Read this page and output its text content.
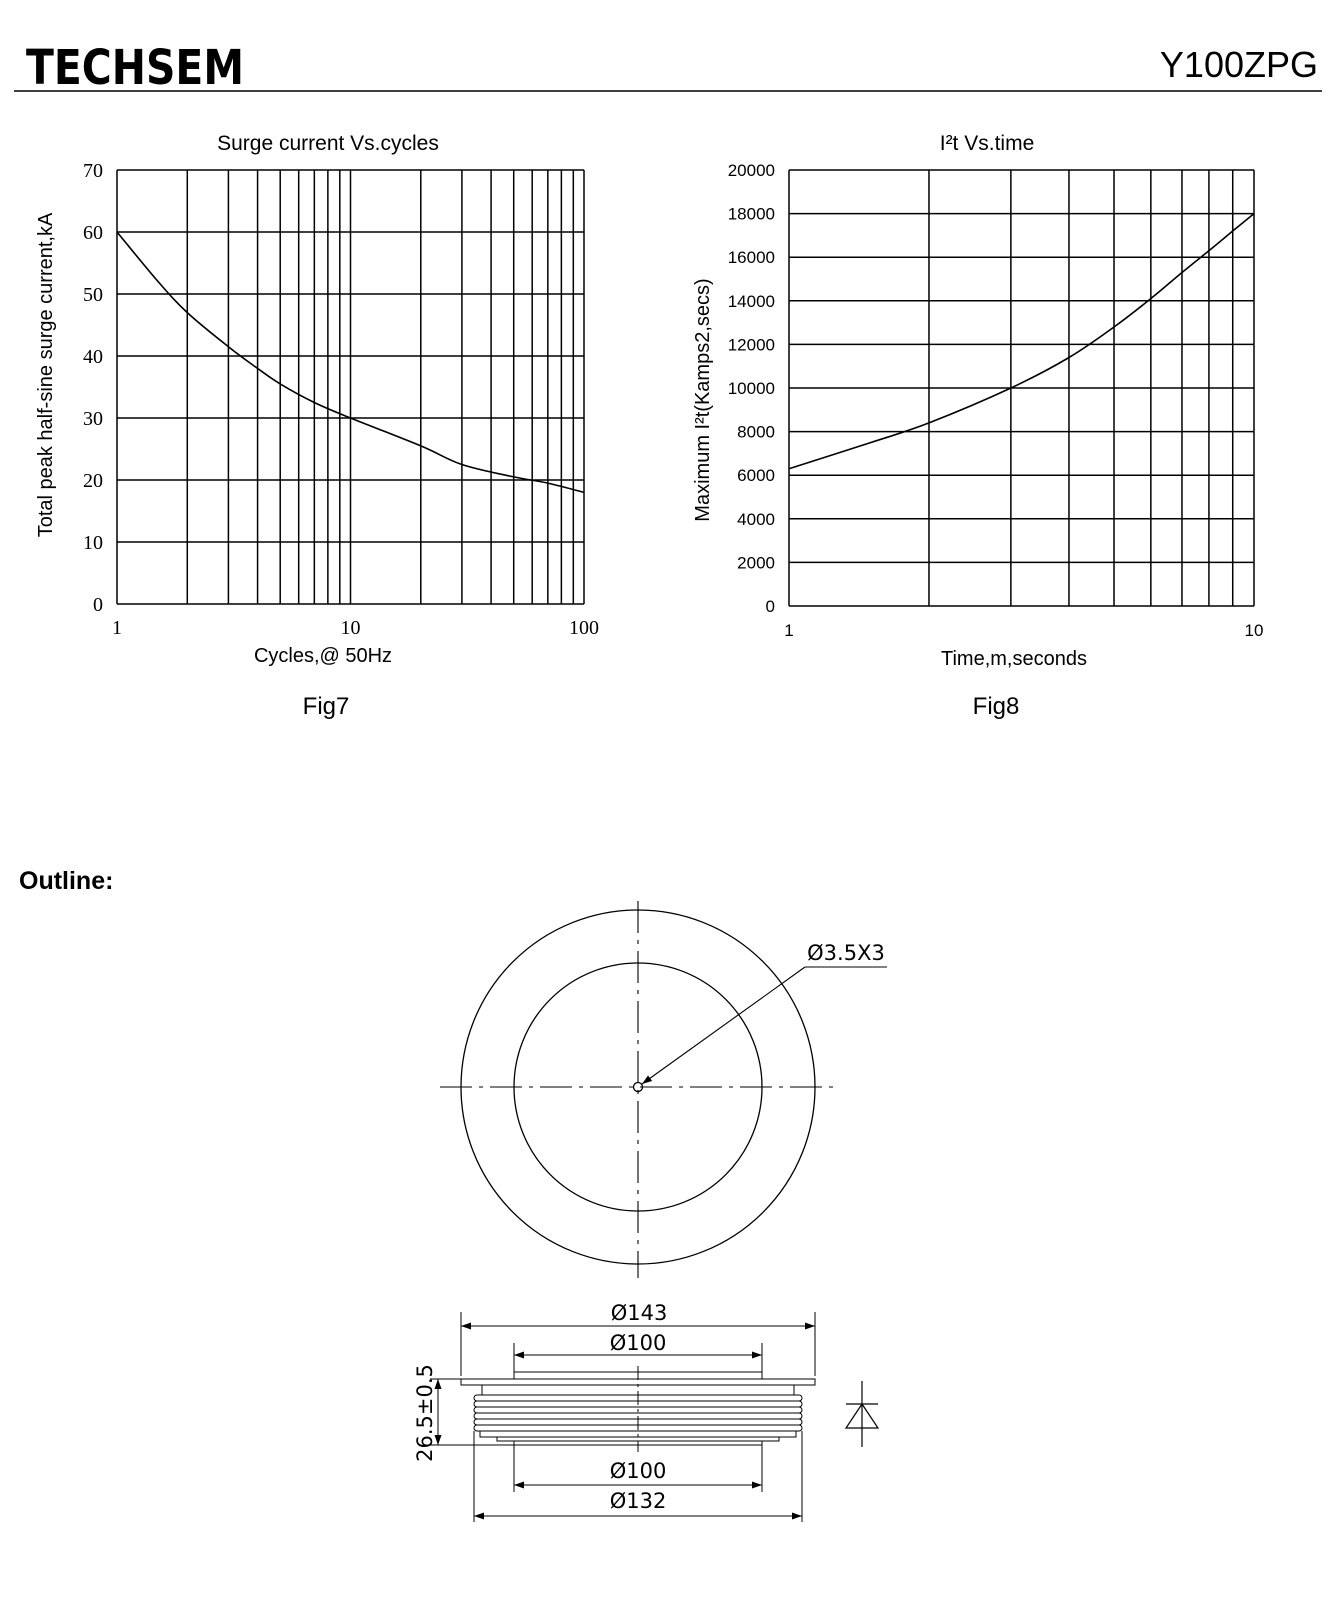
TECHSEM	Y100ZPG
Surge current Vs.cycles
0
10
20
30
40
50
60
70
1	10	100
Cycles,@ 50Hz
Total peak half-sine surge current,kA
Fig7
I²t Vs.time
0
2000
4000
6000
8000
10000
12000
14000
16000
18000
20000
1	10
Time,m,seconds
Maximum I²t(Kamps2,secs)
Fig8
Outline:
Ø3.5X3
Ø143
Ø100
26.5±0.5
Ø100
Ø132
